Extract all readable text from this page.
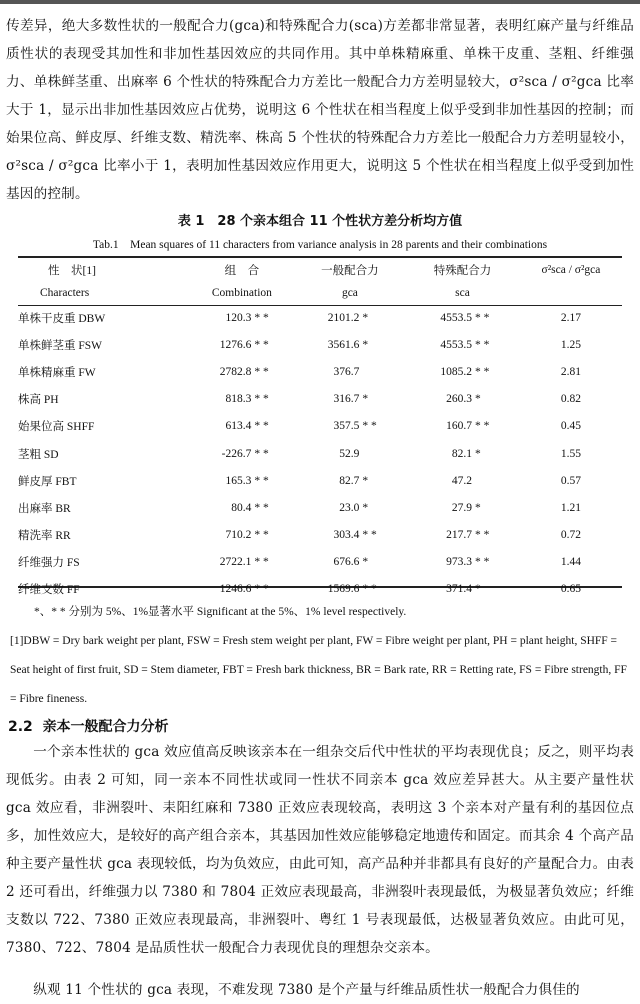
传差异，绝大多数性状的一般配合力(gca)和特殊配合力(sca)方差都非常显著，表明红麻产量与纤维品质性状的表现受其加性和非加性基因效应的共同作用。其中单株精麻重、单株干皮重、茎粗、纤维强力、单株鲜茎重、出麻率 6 个性状的特殊配合力方差比一般配合力方差明显较大，σ²sca / σ²gca 比率大于 1，显示出非加性基因效应占优势，说明这 6 个性状在相当程度上似乎受到非加性基因的控制；而始果位高、鲜皮厚、纤维支数、精洗率、株高 5 个性状的特殊配合力方差比一般配合力方差明显较小，σ²sca / σ²gca 比率小于 1，表明加性基因效应作用更大，说明这 5 个性状在相当程度上似乎受到加性基因的控制。
表 1　28 个亲本组合 11 个性状方差分析均方值
Tab.1　Mean squares of 11 characters from variance analysis in 28 parents and their combinations
性　状[1]	组　合	一般配合力	特殊配合力	σ²sca / σ²gca
Characters	Combination	gca	sca	
单株干皮重 DBW	120.3 * *	2101.2 *	4553.5 * *	2.17
单株鲜茎重 FSW	1276.6 * *	3561.6 *	4553.5 * *	1.25
单株精麻重 FW	2782.8 * *	376.7	1085.2 * *	2.81
株高 PH	818.3 * *	316.7 *	260.3 *	0.82
始果位高 SHFF	613.4 * *	357.5 * *	160.7 * *	0.45
茎粗 SD	-226.7 * *	52.9	82.1 *	1.55
鲜皮厚 FBT	165.3 * *	82.7 *	47.2	0.57
出麻率 BR	80.4 * *	23.0 *	27.9 *	1.21
精洗率 RR	710.2 * *	303.4 * *	217.7 * *	0.72
纤维强力 FS	2722.1 * *	676.6 *	973.3 * *	1.44
纤维支数 FF	1246.6 * *	1569.6 * *	371.4 *	0.65
*、* * 分别为 5%、1%显著水平 Significant at the 5%、1% level respectively.
[1]DBW = Dry bark weight per plant, FSW = Fresh stem weight per plant, FW = Fibre weight per plant, PH = plant height, SHFF = Seat height of first fruit, SD = Stem diameter, FBT = Fresh bark thickness, BR = Bark rate, RR = Retting rate, FS = Fibre strength, FF = Fibre fineness.
2.2 亲本一般配合力分析
一个亲本性状的 gca 效应值高反映该亲本在一组杂交后代中性状的平均表现优良；反之，则平均表现低劣。由表 2 可知，同一亲本不同性状或同一性状不同亲本 gca 效应差异甚大。从主要产量性状 gca 效应看，非洲裂叶、耒阳红麻和 7380 正效应表现较高，表明这 3 个亲本对产量有利的基因位点多，加性效应大，是较好的高产组合亲本，其基因加性效应能够稳定地遗传和固定。而其余 4 个高产品种主要产量性状 gca 表现较低，均为负效应，由此可知，高产品种并非都具有良好的产量配合力。由表 2 还可看出，纤维强力以 7380 和 7804 正效应表现最高，非洲裂叶表现最低，为极显著负效应；纤维支数以 722、7380 正效应表现最高，非洲裂叶、粤红 1 号表现最低，达极显著负效应。由此可见，7380、722、7804 是品质性状一般配合力表现优良的理想杂交亲本。
纵观 11 个性状的 gca 表现，不难发现 7380 是个产量与纤维品质性状一般配合力俱佳的
